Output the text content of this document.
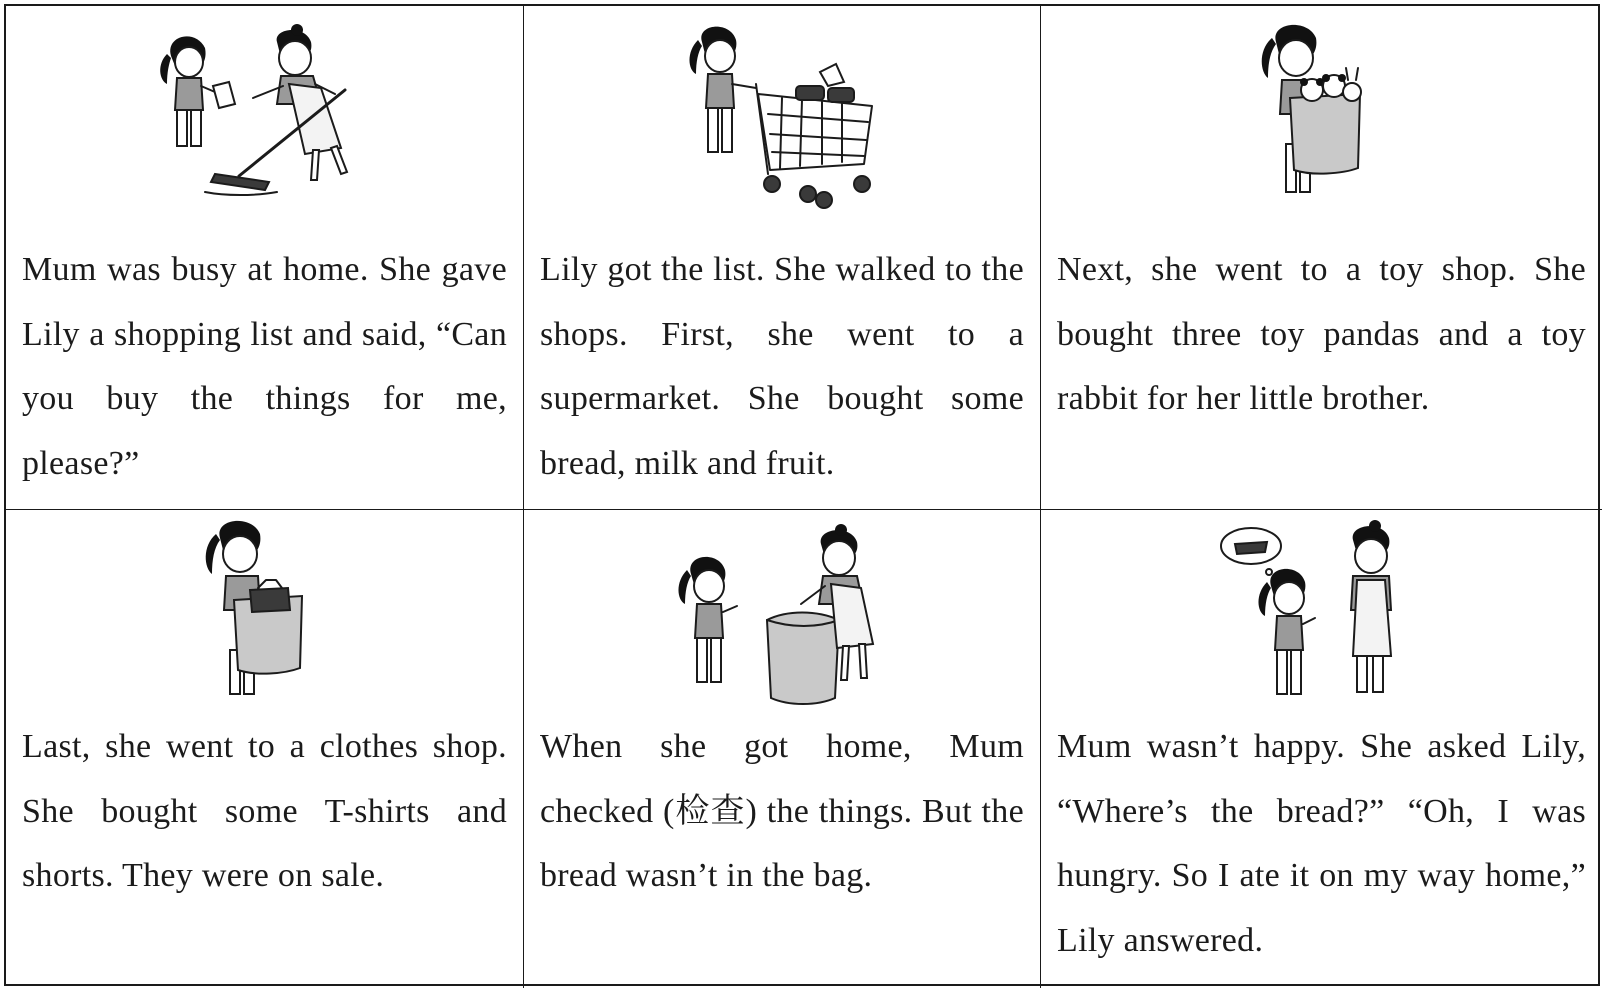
Mum was busy at home. She gave Lily a shopping list and said, “Can you buy the things for me, please?”
Lily got the list. She walked to the shops. First, she went to a supermarket. She bought some bread, milk and fruit.
Next, she went to a toy shop. She bought three toy pandas and a toy rabbit for her little brother.
Last, she went to a clothes shop. She bought some T-shirts and shorts. They were on sale.
When she got home, Mum checked (检查) the things. But the bread wasn’t in the bag.
Mum wasn’t happy. She asked Lily, “Where’s the bread?” “Oh, I was hungry. So I ate it on my way home,” Lily answered.
